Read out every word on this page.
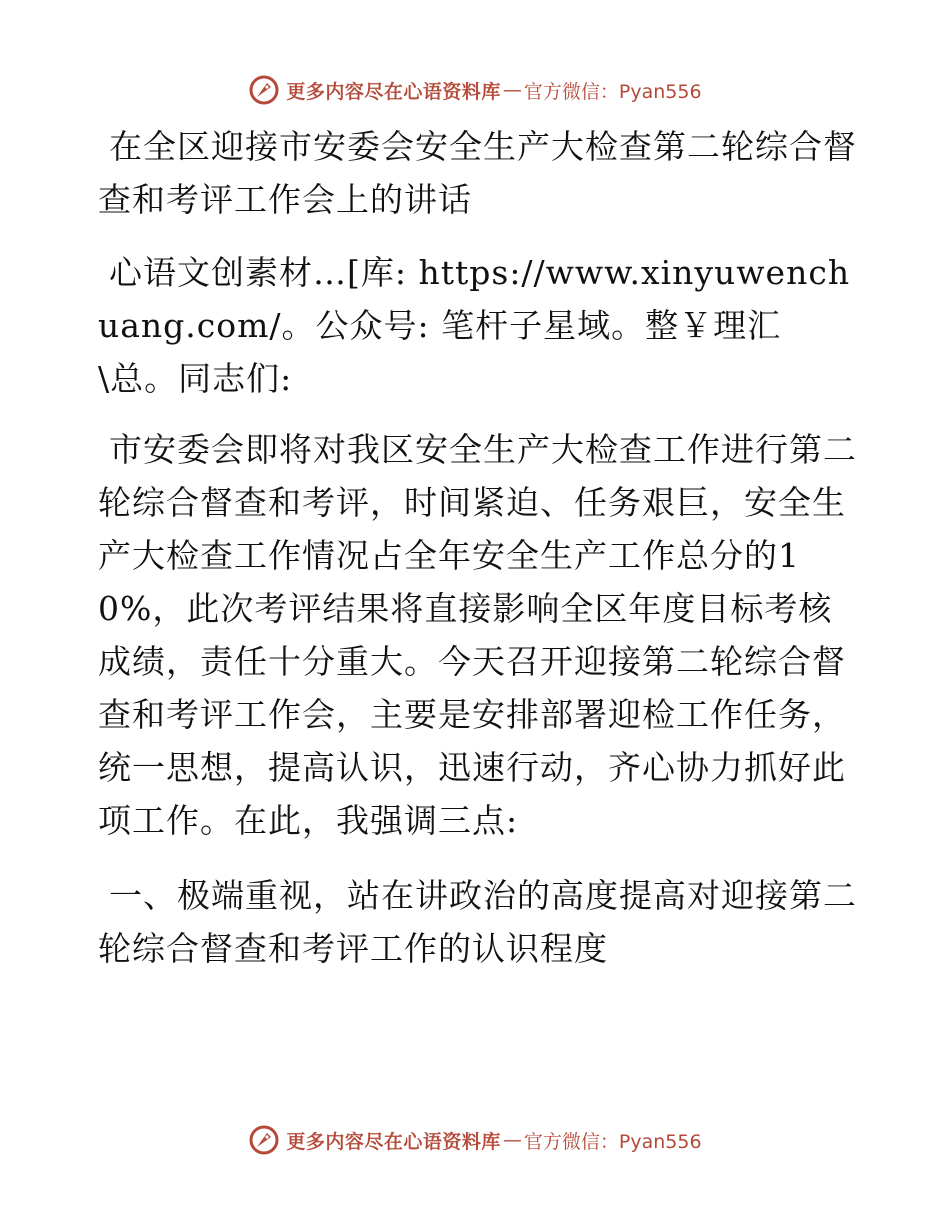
更多内容尽在心语资料库 — 官方微信：Pyan556

在全区迎接市安委会安全生产大检查第二轮综合督查和考评工作会上的讲话

心语文创素材…[库: https://www.xinyuwenchuang.com/。公众号: 笔杆子星域。整￥理汇\总。同志们:

市安委会即将对我区安全生产大检查工作进行第二轮综合督查和考评，时间紧迫、任务艰巨，安全生产大检查工作情况占全年安全生产工作总分的10%，此次考评结果将直接影响全区年度目标考核成绩，责任十分重大。今天召开迎接第二轮综合督查和考评工作会，主要是安排部署迎检工作任务，统一思想，提高认识，迅速行动，齐心协力抓好此项工作。在此，我强调三点:

一、极端重视，站在讲政治的高度提高对迎接第二轮综合督查和考评工作的认识程度

更多内容尽在心语资料库 — 官方微信：Pyan556
